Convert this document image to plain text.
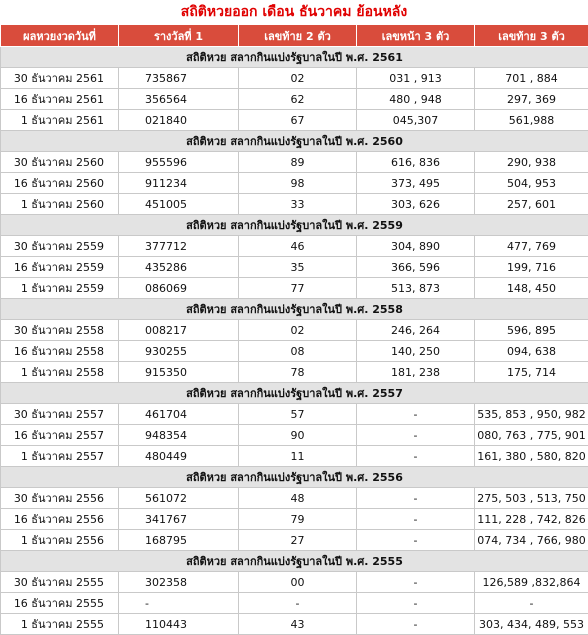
สถิติหวยออก เดือน ธันวาคม ย้อนหลัง
ผลหวยงวดวันที่	รางวัลที่ 1	เลขท้าย 2 ตัว	เลขหน้า 3 ตัว	เลขท้าย 3 ตัว
สถิติหวย สลากกินแบ่งรัฐบาลในปี พ.ศ. 2561				
30 ธันวาคม 2561	735867	02	031 , 913	701 , 884
16 ธันวาคม 2561	356564	62	480 , 948	297, 369
1 ธันวาคม 2561	021840	67	045,307	561,988
สถิติหวย สลากกินแบ่งรัฐบาลในปี พ.ศ. 2560				
30 ธันวาคม 2560	955596	89	616, 836	290, 938
16 ธันวาคม 2560	911234	98	373, 495	504, 953
1 ธันวาคม 2560	451005	33	303, 626	257, 601
สถิติหวย สลากกินแบ่งรัฐบาลในปี พ.ศ. 2559				
30 ธันวาคม 2559	377712	46	304, 890	477, 769
16 ธันวาคม 2559	435286	35	366, 596	199, 716
1 ธันวาคม 2559	086069	77	513, 873	148, 450
สถิติหวย สลากกินแบ่งรัฐบาลในปี พ.ศ. 2558				
30 ธันวาคม 2558	008217	02	246, 264	596, 895
16 ธันวาคม 2558	930255	08	140, 250	094, 638
1 ธันวาคม 2558	915350	78	181, 238	175, 714
สถิติหวย สลากกินแบ่งรัฐบาลในปี พ.ศ. 2557				
30 ธันวาคม 2557	461704	57	-	535, 853 , 950, 982
16 ธันวาคม 2557	948354	90	-	080, 763 , 775, 901
1 ธันวาคม 2557	480449	11	-	161, 380 , 580, 820
สถิติหวย สลากกินแบ่งรัฐบาลในปี พ.ศ. 2556				
30 ธันวาคม 2556	561072	48	-	275, 503 , 513, 750
16 ธันวาคม 2556	341767	79	-	111, 228 , 742, 826
1 ธันวาคม 2556	168795	27	-	074, 734 , 766, 980
สถิติหวย สลากกินแบ่งรัฐบาลในปี พ.ศ. 2555				
30 ธันวาคม 2555	302358	00	-	126,589 ,832,864
16 ธันวาคม 2555	-	-	-	-
1 ธันวาคม 2555	110443	43	-	303, 434, 489, 553
